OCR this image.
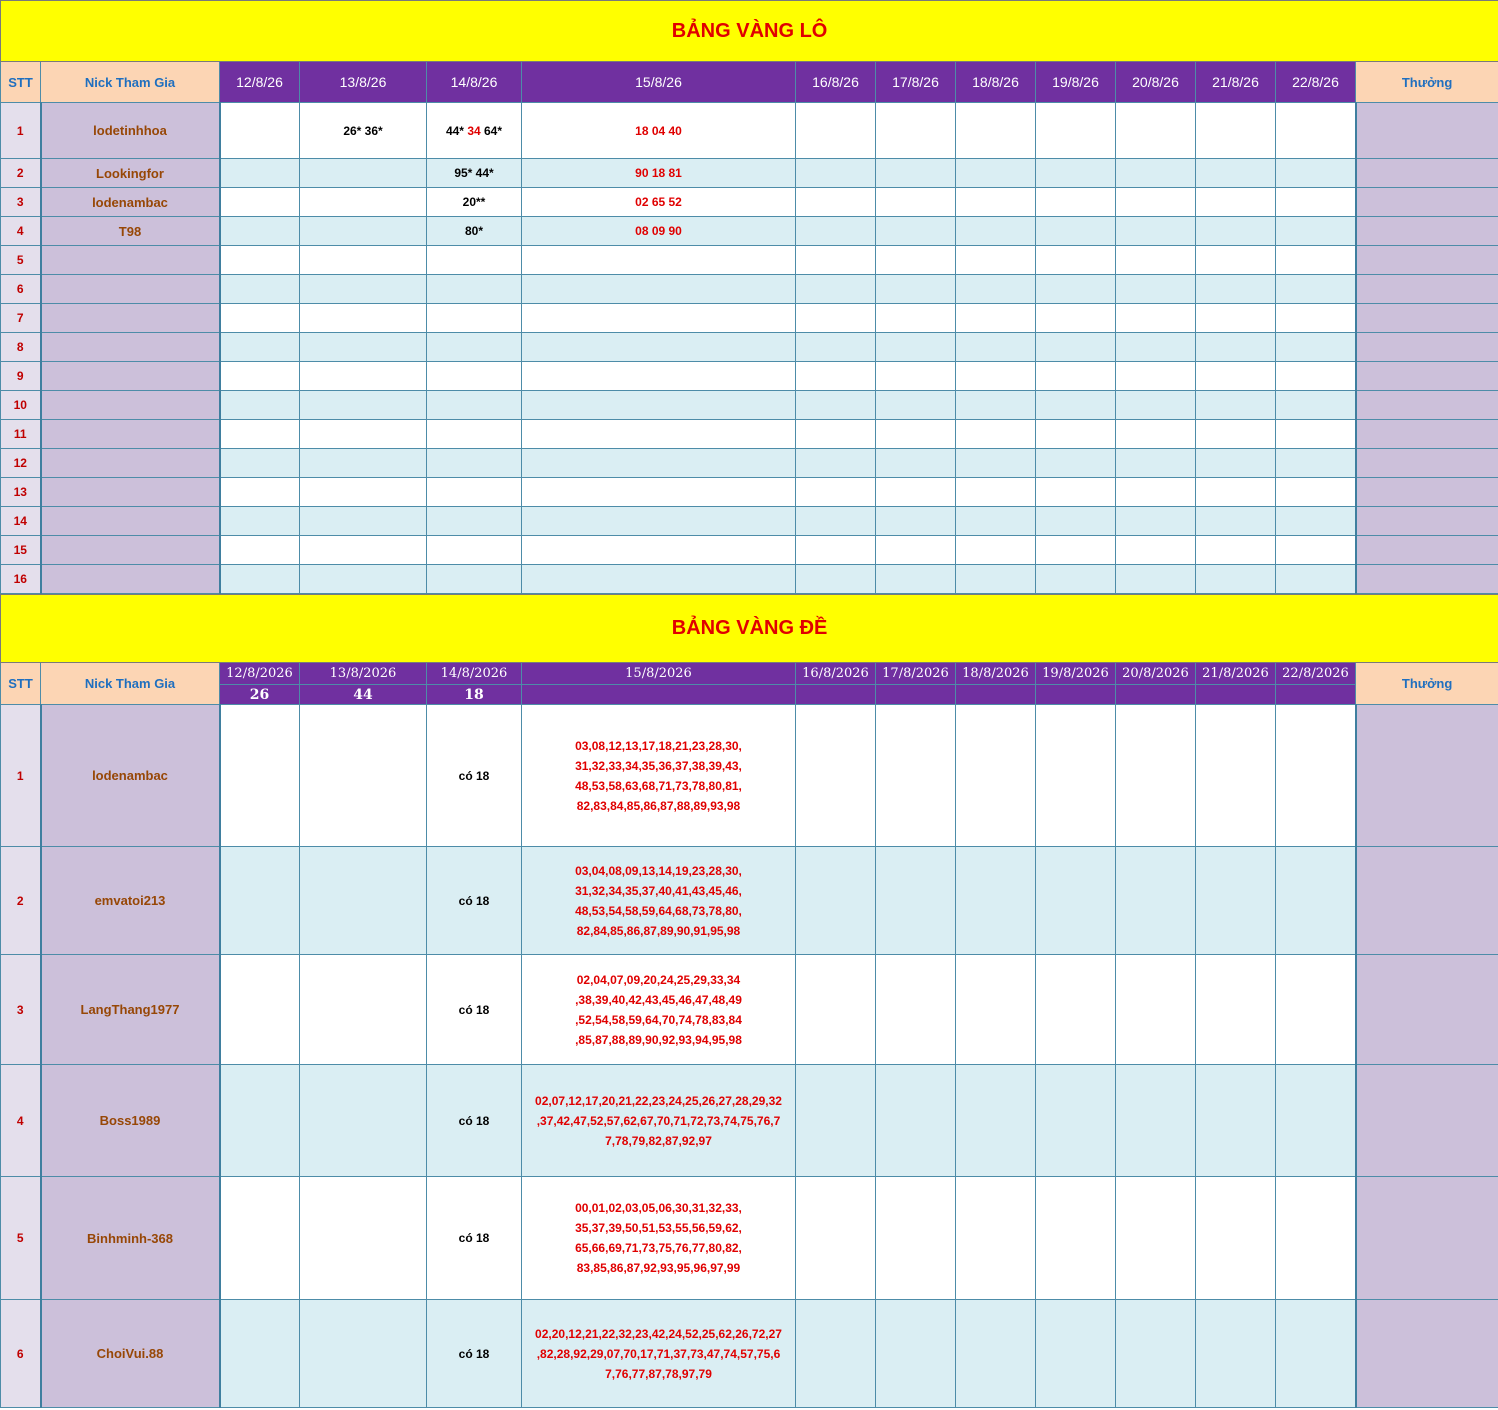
BẢNG VÀNG LÔ													
STT	Nick Tham Gia	12/8/26	13/8/26	14/8/26	15/8/26	16/8/26	17/8/26	18/8/26	19/8/26	20/8/26	21/8/26	22/8/26	Thưởng
1	lodetinhhoa		26* 36*	44* 34 64*	18 04 40								
2	Lookingfor			95* 44*	90 18 81								
3	lodenambac			20**	02 65 52								
4	T98			80*	08 09 90								
5													
6													
7													
8													
9													
10													
11													
12													
13													
14													
15													
16													
BẢNG VÀNG ĐỀ													
STT	Nick Tham Gia	12/8/2026	13/8/2026	14/8/2026	15/8/2026	16/8/2026	17/8/2026	18/8/2026	19/8/2026	20/8/2026	21/8/2026	22/8/2026	Thưởng
		26	44	18									
1	lodenambac			có 18	03,08,12,13,17,18,21,23,28,30,
31,32,33,34,35,36,37,38,39,43,
48,53,58,63,68,71,73,78,80,81,
82,83,84,85,86,87,88,89,93,98								
2	emvatoi213			có 18	03,04,08,09,13,14,19,23,28,30,
31,32,34,35,37,40,41,43,45,46,
48,53,54,58,59,64,68,73,78,80,
82,84,85,86,87,89,90,91,95,98								
3	LangThang1977			có 18	02,04,07,09,20,24,25,29,33,34
,38,39,40,42,43,45,46,47,48,49
,52,54,58,59,64,70,74,78,83,84
,85,87,88,89,90,92,93,94,95,98								
4	Boss1989			có 18	02,07,12,17,20,21,22,23,24,25,26,27,28,29,32
,37,42,47,52,57,62,67,70,71,72,73,74,75,76,7
7,78,79,82,87,92,97								
5	Binhminh-368			có 18	00,01,02,03,05,06,30,31,32,33,
35,37,39,50,51,53,55,56,59,62,
65,66,69,71,73,75,76,77,80,82,
83,85,86,87,92,93,95,96,97,99								
6	ChoiVui.88			có 18	02,20,12,21,22,32,23,42,24,52,25,62,26,72,27
,82,28,92,29,07,70,17,71,37,73,47,74,57,75,6
7,76,77,87,78,97,79								
